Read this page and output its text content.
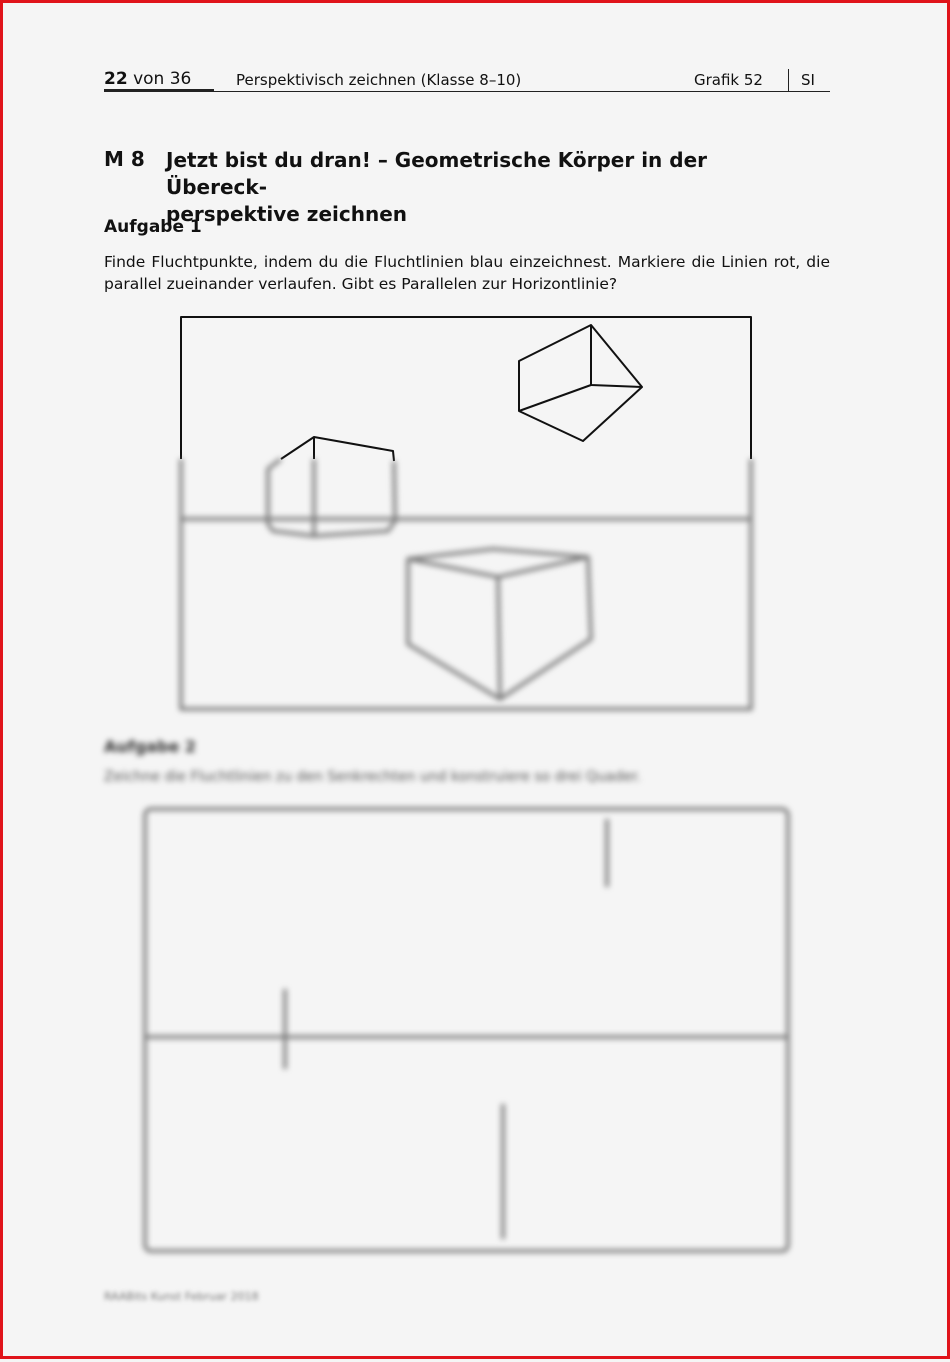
22 von 36	Perspektivisch zeichnen (Klasse 8–10)	Grafik 52	SI
M 8 Jetzt bist du dran! – Geometrische Körper in der Übereck-
perspektive zeichnen
Aufgabe 1
Finde Fluchtpunkte, indem du die Fluchtlinien blau einzeichnest. Markiere die Linien rot, die parallel zueinander verlaufen. Gibt es Parallelen zur Horizontlinie?
Aufgabe 2
Zeichne die Fluchtlinien zu den Senkrechten und konstruiere so drei Quader.
RAABits Kunst Februar 2018
